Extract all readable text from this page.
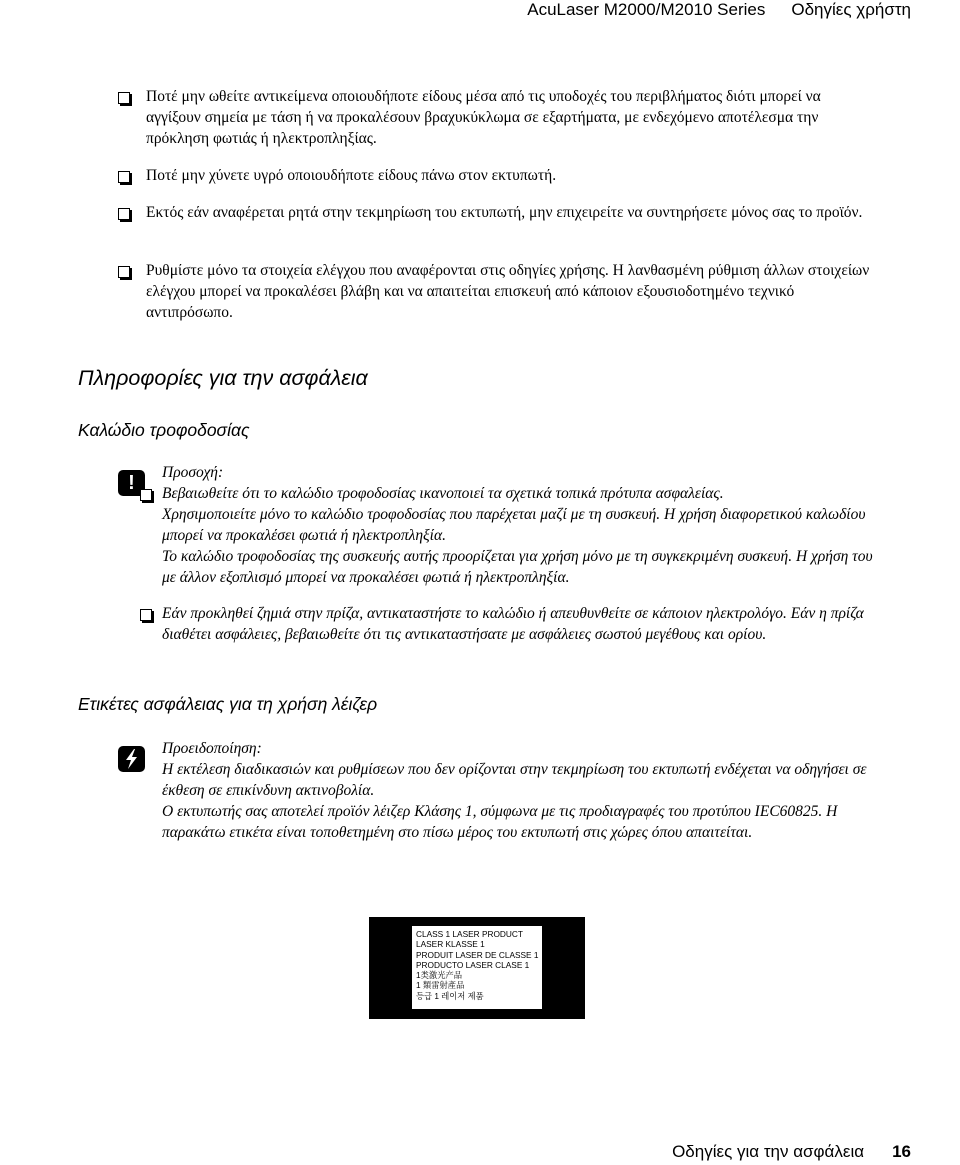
AcuLaser M2000/M2010 Series Οδηγίες χρήστη
Ποτέ μην ωθείτε αντικείμενα οποιουδήποτε είδους μέσα από τις υποδοχές του περιβλήματος διότι μπορεί να αγγίξουν σημεία με τάση ή να προκαλέσουν βραχυκύκλωμα σε εξαρτήματα, με ενδεχόμενο αποτέλεσμα την πρόκληση φωτιάς ή ηλεκτροπληξίας.
Ποτέ μην χύνετε υγρό οποιουδήποτε είδους πάνω στον εκτυπωτή.
Εκτός εάν αναφέρεται ρητά στην τεκμηρίωση του εκτυπωτή, μην επιχειρείτε να συντηρήσετε μόνος σας το προϊόν.
Ρυθμίστε μόνο τα στοιχεία ελέγχου που αναφέρονται στις οδηγίες χρήσης. Η λανθασμένη ρύθμιση άλλων στοιχείων ελέγχου μπορεί να προκαλέσει βλάβη και να απαιτείται επισκευή από κάποιον εξουσιοδοτημένο τεχνικό αντιπρόσωπο.
Πληροφορίες για την ασφάλεια
Καλώδιο τροφοδοσίας
!	Προσοχή:
Βεβαιωθείτε ότι το καλώδιο τροφοδοσίας ικανοποιεί τα σχετικά τοπικά πρότυπα ασφαλείας.
Χρησιμοποιείτε μόνο το καλώδιο τροφοδοσίας που παρέχεται μαζί με τη συσκευή. Η χρήση διαφορετικού καλωδίου μπορεί να προκαλέσει φωτιά ή ηλεκτροπληξία.
Το καλώδιο τροφοδοσίας της συσκευής αυτής προορίζεται για χρήση μόνο με τη συγκεκριμένη συσκευή. Η χρήση του με άλλον εξοπλισμό μπορεί να προκαλέσει φωτιά ή ηλεκτροπληξία.
Εάν προκληθεί ζημιά στην πρίζα, αντικαταστήστε το καλώδιο ή απευθυνθείτε σε κάποιον ηλεκτρολόγο. Εάν η πρίζα διαθέτει ασφάλειες, βεβαιωθείτε ότι τις αντικαταστήσατε με ασφάλειες σωστού μεγέθους και ορίου.
Ετικέτες ασφάλειας για τη χρήση λέιζερ
Προειδοποίηση:
Η εκτέλεση διαδικασιών και ρυθμίσεων που δεν ορίζονται στην τεκμηρίωση του εκτυπωτή ενδέχεται να οδηγήσει σε έκθεση σε επικίνδυνη ακτινοβολία.
Ο εκτυπωτής σας αποτελεί προϊόν λέιζερ Κλάσης 1, σύμφωνα με τις προδιαγραφές του προτύπου IEC60825. Η παρακάτω ετικέτα είναι τοποθετημένη στο πίσω μέρος του εκτυπωτή στις χώρες όπου απαιτείται.
CLASS 1 LASER PRODUCT
LASER KLASSE 1
PRODUIT LASER DE CLASSE 1
PRODUCTO LASER CLASE 1
1类激光产品
1 類雷射產品
등급 1 레이저 제품
Οδηγίες για την ασφάλεια 16
